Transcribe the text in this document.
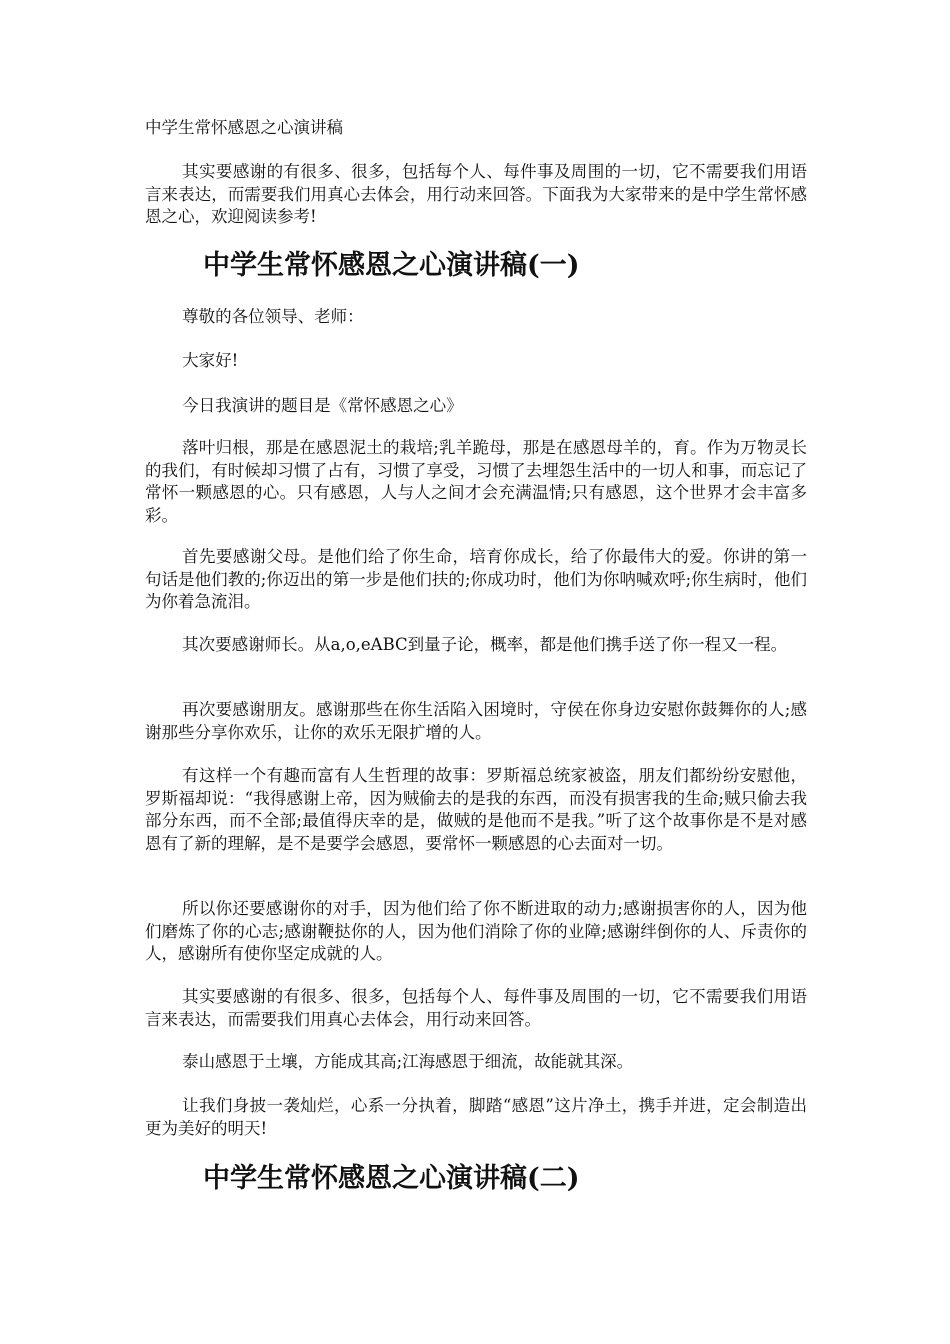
中学生常怀感恩之心演讲稿

其实要感谢的有很多、很多，包括每个人、每件事及周围的一切，它不需要我们用语言来表达，而需要我们用真心去体会，用行动来回答。下面我为大家带来的是中学生常怀感恩之心，欢迎阅读参考!

中学生常怀感恩之心演讲稿(一)

尊敬的各位领导、老师：

大家好!

今日我演讲的题目是《常怀感恩之心》

落叶归根，那是在感恩泥土的栽培;乳羊跪母，那是在感恩母羊的，育。作为万物灵长的我们，有时候却习惯了占有，习惯了享受，习惯了去埋怨生活中的一切人和事，而忘记了常怀一颗感恩的心。只有感恩，人与人之间才会充满温情;只有感恩，这个世界才会丰富多彩。

首先要感谢父母。是他们给了你生命，培育你成长，给了你最伟大的爱。你讲的第一句话是他们教的;你迈出的第一步是他们扶的;你成功时，他们为你呐喊欢呼;你生病时，他们为你着急流泪。

其次要感谢师长。从a,o,eABC到量子论，概率，都是他们携手送了你一程又一程。

再次要感谢朋友。感谢那些在你生活陷入困境时，守侯在你身边安慰你鼓舞你的人;感谢那些分享你欢乐，让你的欢乐无限扩增的人。

有这样一个有趣而富有人生哲理的故事：罗斯福总统家被盗，朋友们都纷纷安慰他，罗斯福却说：“我得感谢上帝，因为贼偷去的是我的东西，而没有损害我的生命;贼只偷去我部分东西，而不全部;最值得庆幸的是，做贼的是他而不是我。”听了这个故事你是不是对感恩有了新的理解，是不是要学会感恩，要常怀一颗感恩的心去面对一切。

所以你还要感谢你的对手，因为他们给了你不断进取的动力;感谢损害你的人，因为他们磨炼了你的心志;感谢鞭挞你的人，因为他们消除了你的业障;感谢绊倒你的人、斥责你的人，感谢所有使你坚定成就的人。

其实要感谢的有很多、很多，包括每个人、每件事及周围的一切，它不需要我们用语言来表达，而需要我们用真心去体会，用行动来回答。

泰山感恩于土壤，方能成其高;江海感恩于细流，故能就其深。

让我们身披一袭灿烂，心系一分执着，脚踏“感恩”这片净土，携手并进，定会制造出更为美好的明天!

中学生常怀感恩之心演讲稿(二)
